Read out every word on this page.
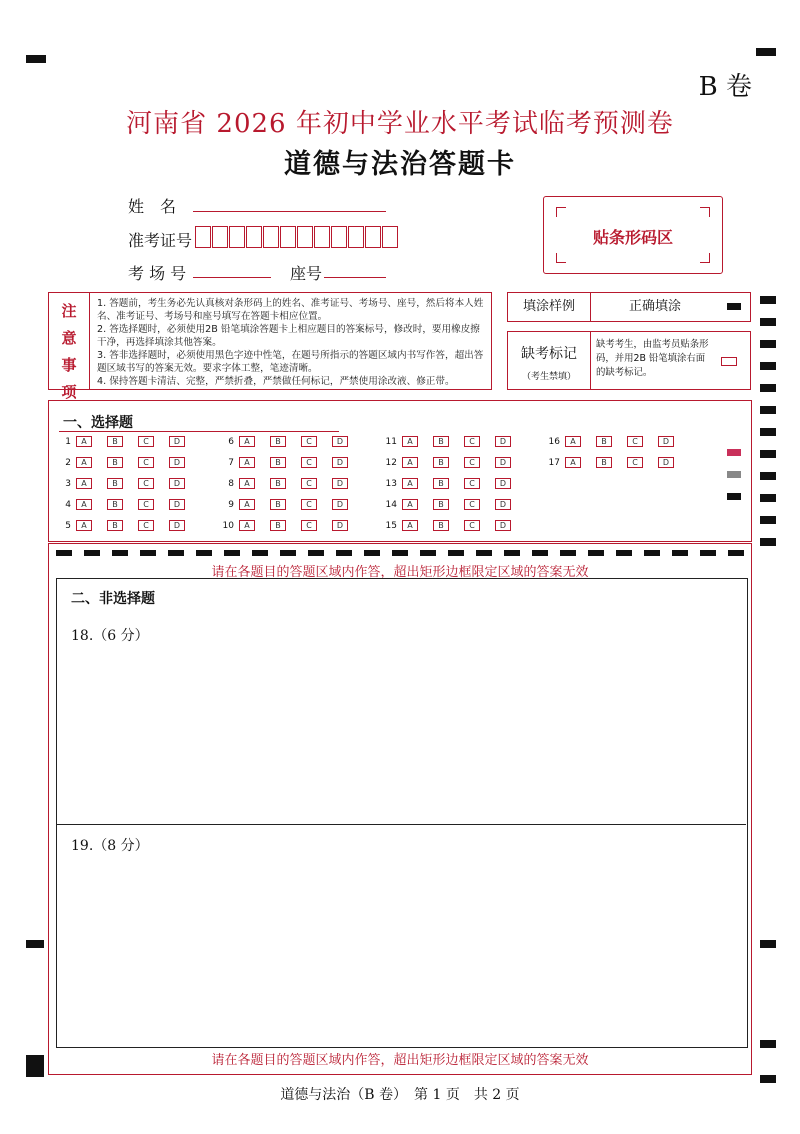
B 卷
河南省 2026 年初中学业水平考试临考预测卷
道德与法治答题卡
姓　名
准考证号
考 场 号	座号
贴条形码区
注
意
事
项

1. 答题前，考生务必先认真核对条形码上的姓名、准考证号、考场号、座号，然后将本人姓名、准考证号、考场号和座号填写在答题卡相应位置。

2. 答选择题时，必须使用2B 铅笔填涂答题卡上相应题目的答案标号，修改时，要用橡皮擦干净，再选择填涂其他答案。

3. 答非选择题时，必须使用黑色字迹中性笔，在题号所指示的答题区域内书写作答，超出答题区域书写的答案无效。要求字体工整，笔迹清晰。

4. 保持答题卡清洁、完整，严禁折叠，严禁做任何标记，严禁使用涂改液、修正带。

填涂样例	正确填涂
缺考标记
（考生禁填）
缺考考生，由监考员贴条形码，并用2B 铅笔填涂右面的缺考标记。
一、选择题
1	A	B	C	D
2	A	B	C	D
3	A	B	C	D
4	A	B	C	D
5	A	B	C	D
6	A	B	C	D
7	A	B	C	D
8	A	B	C	D
9	A	B	C	D
10	A	B	C	D
11	A	B	C	D
12	A	B	C	D
13	A	B	C	D
14	A	B	C	D
15	A	B	C	D
16	A	B	C	D
17	A	B	C	D
请在各题目的答题区域内作答，超出矩形边框限定区域的答案无效
二、非选择题
18.（6 分）
19.（8 分）
请在各题目的答题区域内作答，超出矩形边框限定区域的答案无效
道德与法治（B 卷）　第 1 页　共 2 页
